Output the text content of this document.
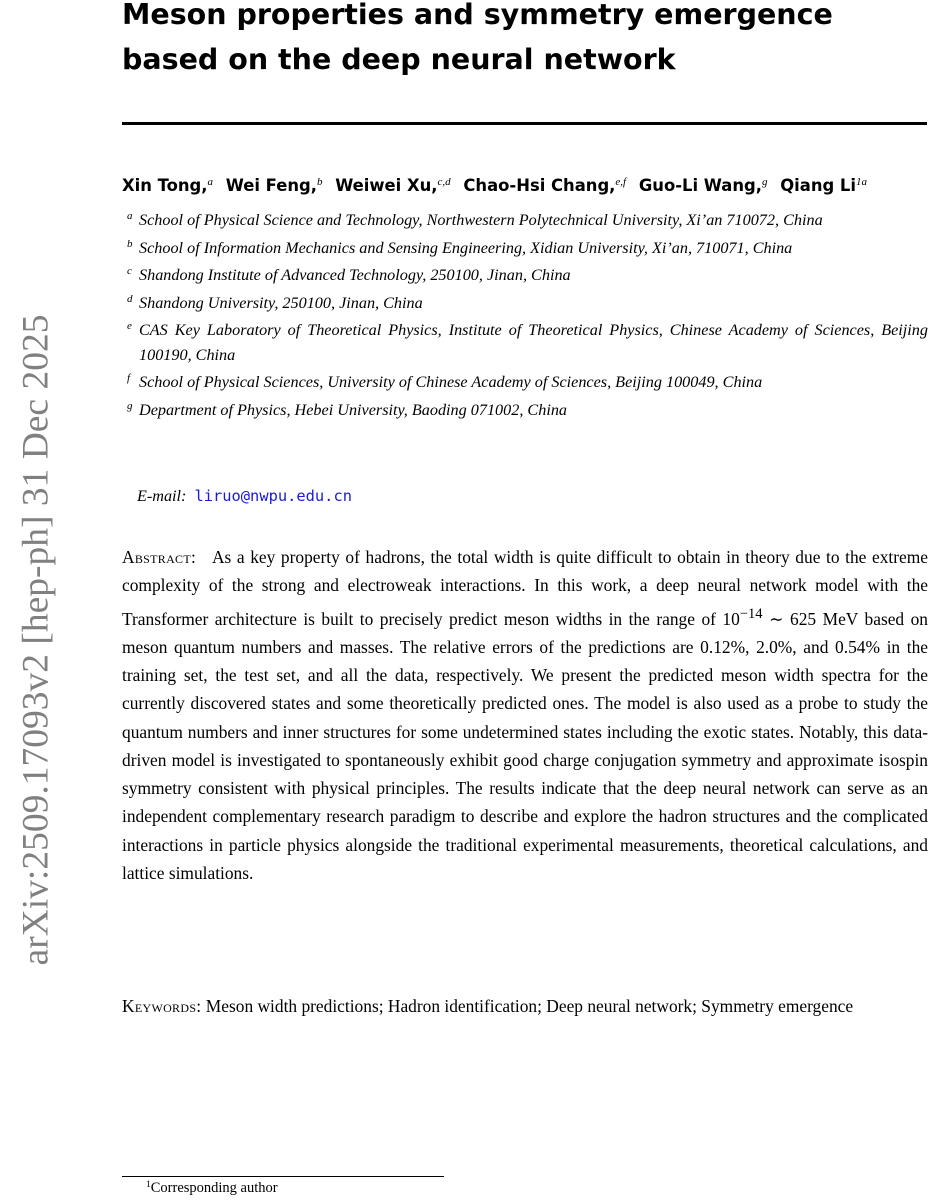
arXiv:2509.17093v2 [hep-ph] 31 Dec 2025
Meson properties and symmetry emergence based on the deep neural network
Xin Tong,$^a$ Wei Feng,$^b$ Weiwei Xu,$^{c,d}$ Chao-Hsi Chang,$^{e,f}$ Guo-Li Wang,$^g$ Qiang $Li^{1a}$
a School of Physical Science and Technology, Northwestern Polytechnical University, Xi’an 710072, China
b School of Information Mechanics and Sensing Engineering, Xidian University, Xi’an, 710071, China
c Shandong Institute of Advanced Technology, 250100, Jinan, China
d Shandong University, 250100, Jinan, China
e CAS Key Laboratory of Theoretical Physics, Institute of Theoretical Physics, Chinese Academy of Sciences, Beijing 100190, China
f School of Physical Sciences, University of Chinese Academy of Sciences, Beijing 100049, China
g Department of Physics, Hebei University, Baoding 071002, China
E-mail: liruo@nwpu.edu.cn

Abstract: As a key property of hadrons, the total width is quite difficult to obtain in theory due to the extreme complexity of the strong and electroweak interactions. In this work, a deep neural network model with the Transformer architecture is built to precisely predict meson widths in the range of $10^{-14}$ ∼ 625 MeV based on meson quantum numbers and masses. The relative errors of the predictions are 0.12%, 2.0%, and 0.54% in the training set, the test set, and all the data, respectively. We present the predicted meson width spectra for the currently discovered states and some theoretically predicted ones. The model is also used as a probe to study the quantum numbers and inner structures for some undetermined states including the exotic states. Notably, this data-driven model is investigated to spontaneously exhibit good charge conjugation symmetry and approximate isospin symmetry consistent with physical principles. The results indicate that the deep neural network can serve as an independent complementary research paradigm to describe and explore the hadron structures and the complicated interactions in particle physics alongside the traditional experimental measurements, theoretical calculations, and lattice simulations.

Keywords: Meson width predictions; Hadron identification; Deep neural network; Symmetry emergence

$^1$Corresponding author
